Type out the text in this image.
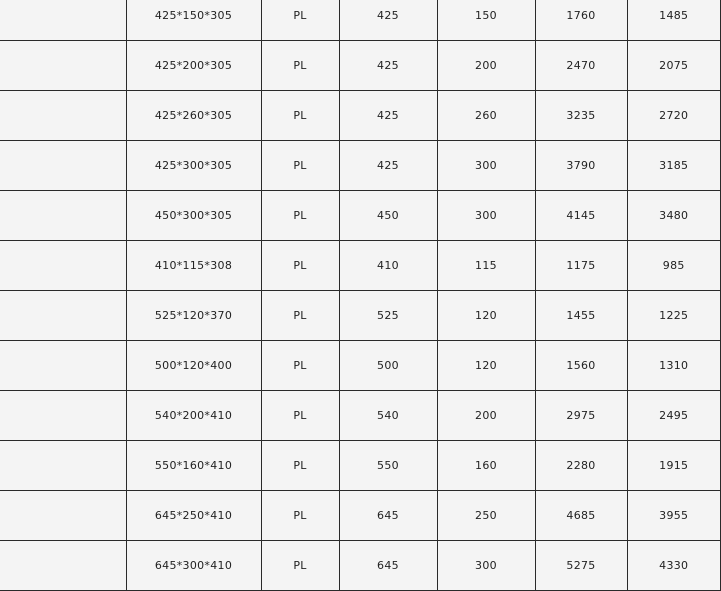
	425*150*305	PL	425	150	1760	1485
	425*200*305	PL	425	200	2470	2075
	425*260*305	PL	425	260	3235	2720
	425*300*305	PL	425	300	3790	3185
	450*300*305	PL	450	300	4145	3480
	410*115*308	PL	410	115	1175	985
	525*120*370	PL	525	120	1455	1225
	500*120*400	PL	500	120	1560	1310
	540*200*410	PL	540	200	2975	2495
	550*160*410	PL	550	160	2280	1915
	645*250*410	PL	645	250	4685	3955
	645*300*410	PL	645	300	5275	4330
